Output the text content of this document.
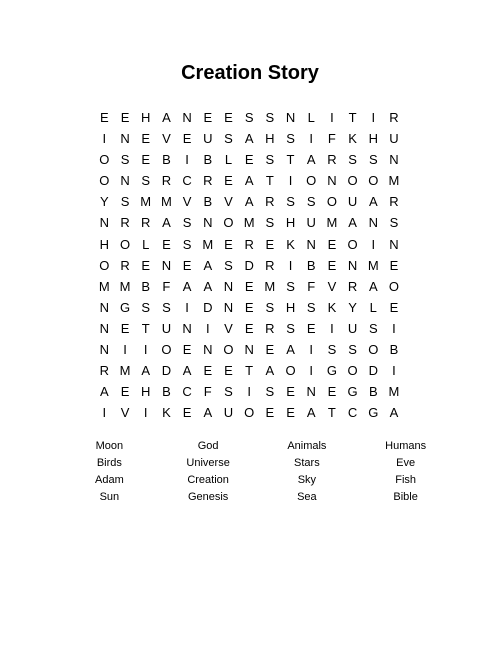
Creation Story
E E H A N E E S S N L	I	T	I	R
I	N E V E U S A H S	I	F K H U
O S E B	I	B L E S T A R S S N
O N S R C R E A T	I	O N O O M
Y S M M V B V A R S S O U A R
N R R A S N O M S H U M A N S
H O L E S M E R E K N E O	I	N
O R E N E A S D R	I	B E N M E
M M B F A A N E M S F V R A O
N G S S	I	D N E S H S K Y L E
N E T U N	I	V E R S E	I	U S	I
N	I	I	O E N O N E A	I	S S O B
R M A D A E E T A O	I	G O D	I
A E H B C F S	I	S E N E G B M
I	V	I	K E A U O E E A T C G A
Moon	God	Animals	Humans
Birds	Universe	Stars	Eve
Adam	Creation	Sky	Fish
Sun	Genesis	Sea	Bible
